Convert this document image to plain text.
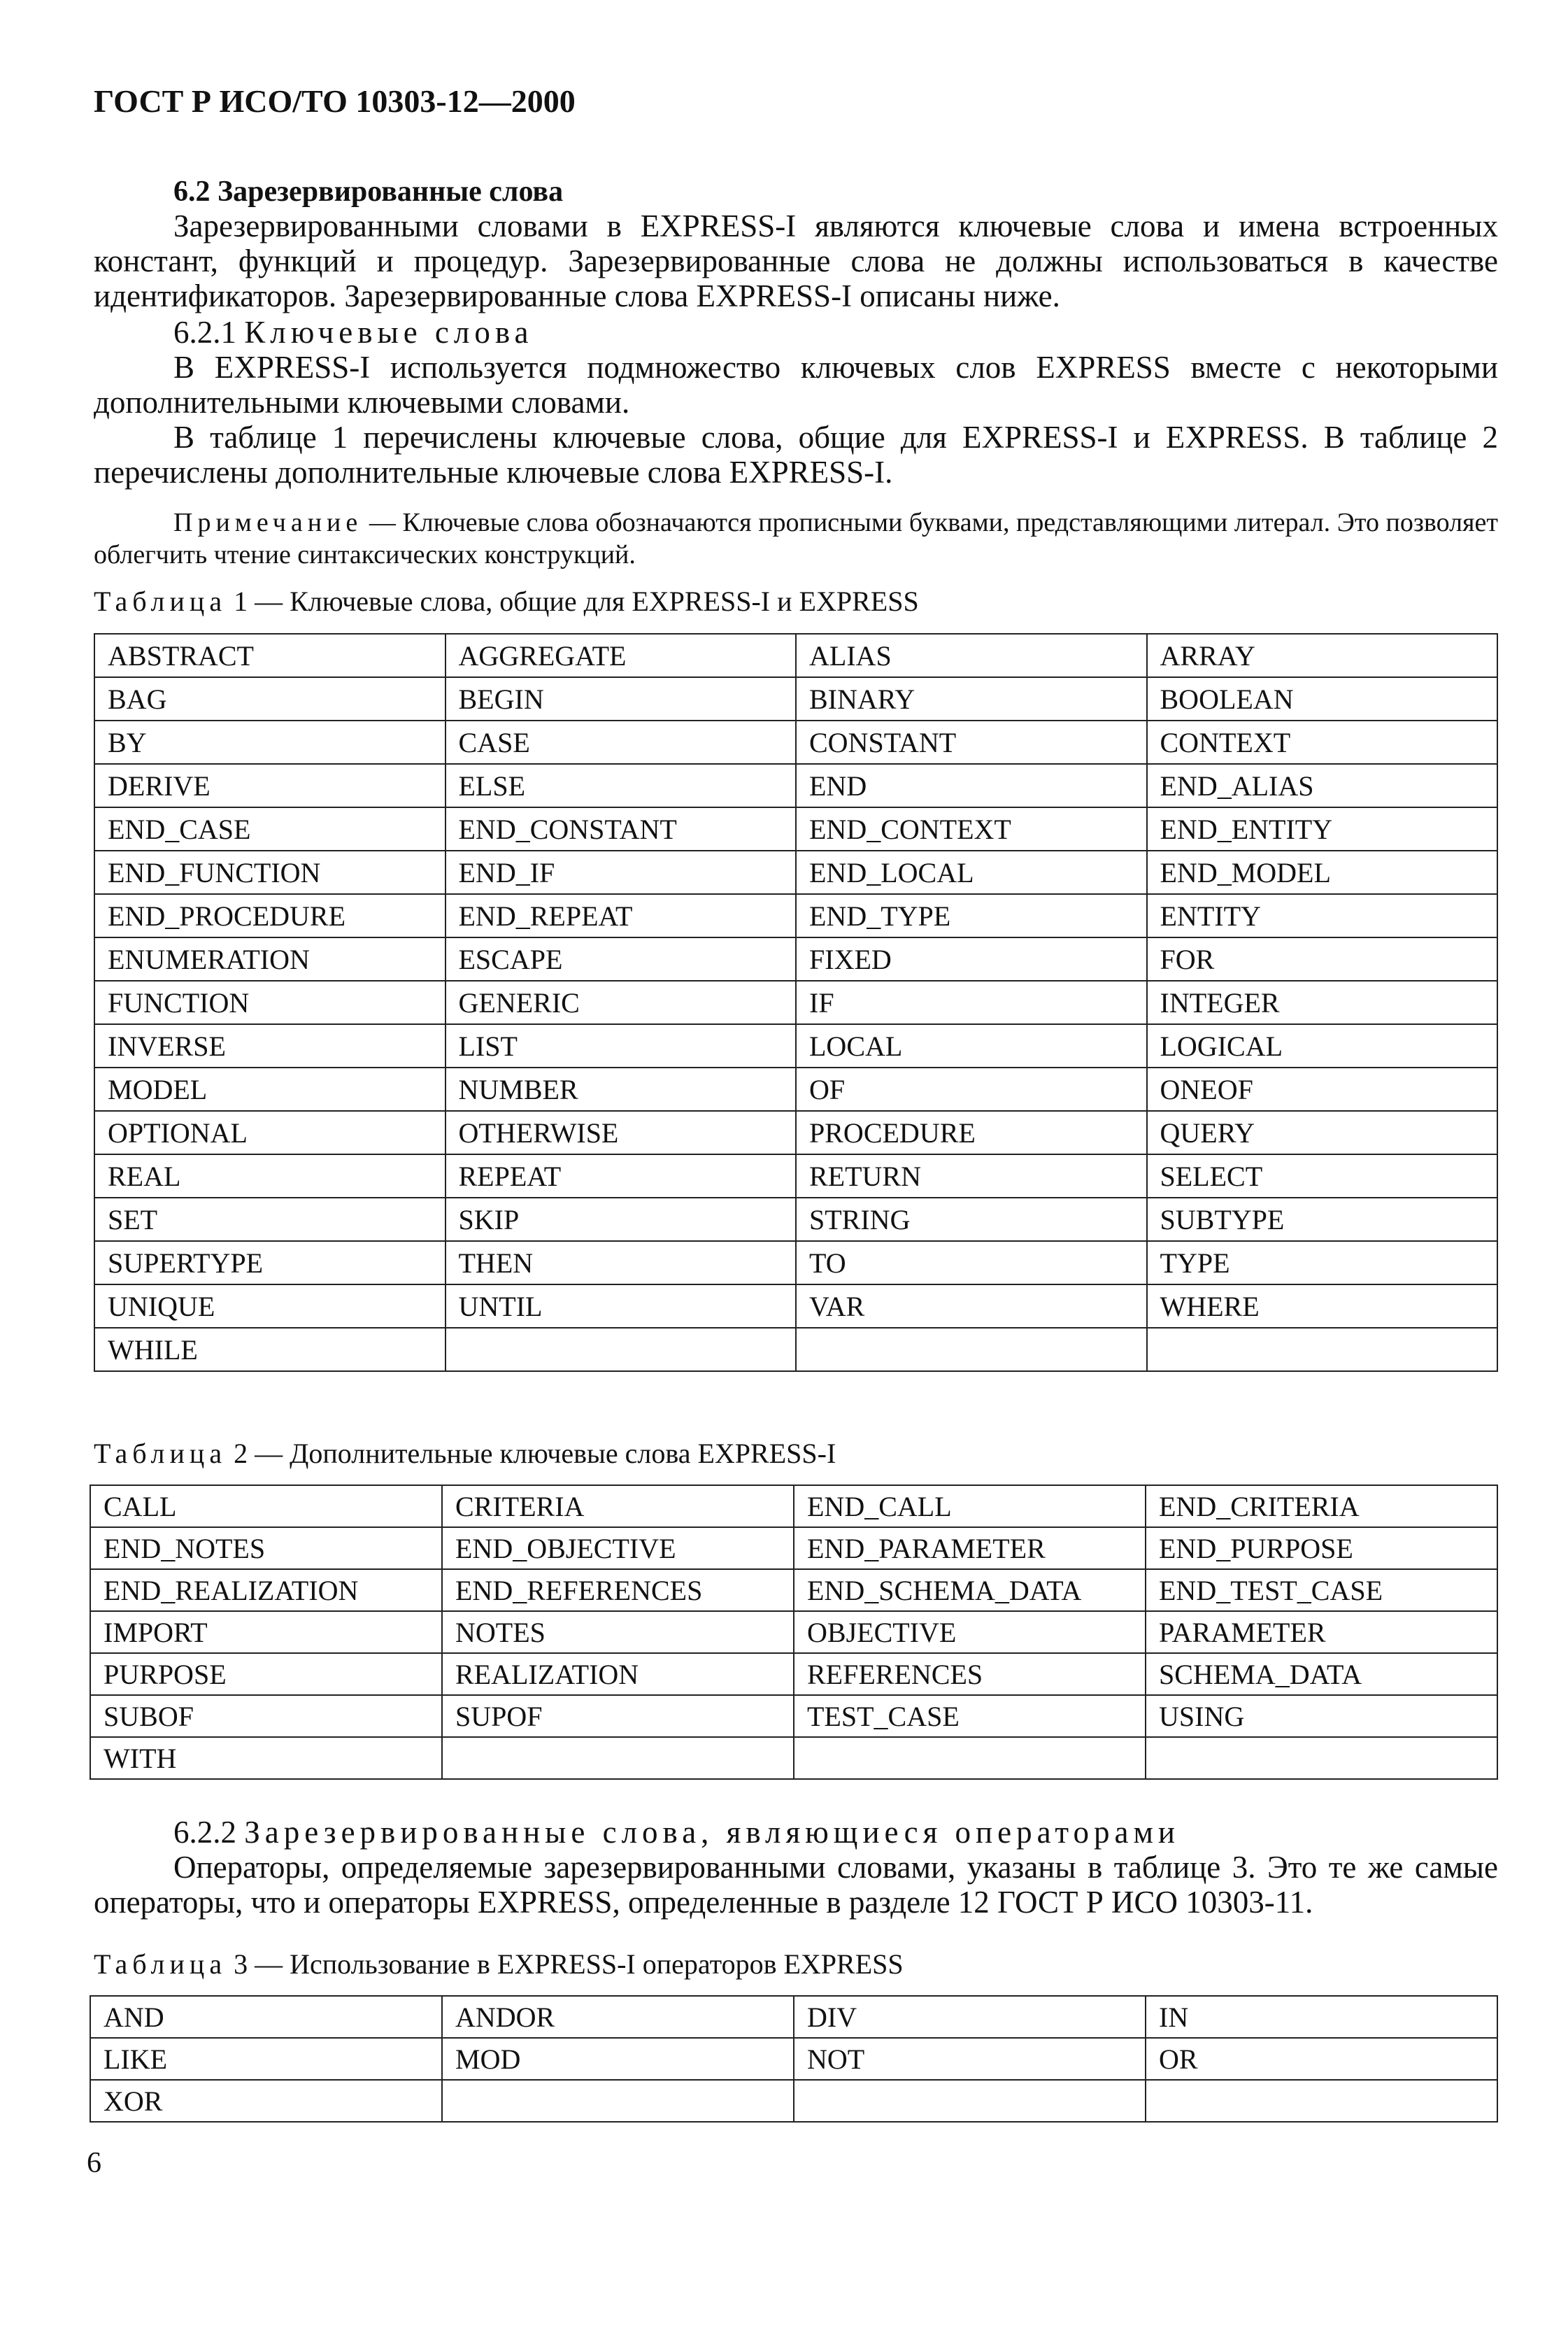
ГОСТ Р ИСО/ТО 10303-12—2000
6.2 Зарезервированные слова
Зарезервированными словами в EXPRESS-I являются ключевые слова и имена встроенных констант, функций и процедур. Зарезервированные слова не должны использоваться в качестве идентификаторов. Зарезервированные слова EXPRESS-I описаны ниже.
6.2.1 Ключевые слова
В EXPRESS-I используется подмножество ключевых слов EXPRESS вместе с некоторыми дополнительными ключевыми словами.
В таблице 1 перечислены ключевые слова, общие для EXPRESS-I и EXPRESS. В таблице 2 перечислены дополнительные ключевые слова EXPRESS-I.
Примечание — Ключевые слова обозначаются прописными буквами, представляющими литерал. Это позволяет облегчить чтение синтаксических конструкций.
Таблица 1 — Ключевые слова, общие для EXPRESS-I и EXPRESS
ABSTRACT	AGGREGATE	ALIAS	ARRAY
BAG	BEGIN	BINARY	BOOLEAN
BY	CASE	CONSTANT	CONTEXT
DERIVE	ELSE	END	END_ALIAS
END_CASE	END_CONSTANT	END_CONTEXT	END_ENTITY
END_FUNCTION	END_IF	END_LOCAL	END_MODEL
END_PROCEDURE	END_REPEAT	END_TYPE	ENTITY
ENUMERATION	ESCAPE	FIXED	FOR
FUNCTION	GENERIC	IF	INTEGER
INVERSE	LIST	LOCAL	LOGICAL
MODEL	NUMBER	OF	ONEOF
OPTIONAL	OTHERWISE	PROCEDURE	QUERY
REAL	REPEAT	RETURN	SELECT
SET	SKIP	STRING	SUBTYPE
SUPERTYPE	THEN	TO	TYPE
UNIQUE	UNTIL	VAR	WHERE
WHILE			
Таблица 2 — Дополнительные ключевые слова EXPRESS-I
CALL	CRITERIA	END_CALL	END_CRITERIA
END_NOTES	END_OBJECTIVE	END_PARAMETER	END_PURPOSE
END_REALIZATION	END_REFERENCES	END_SCHEMA_DATA	END_TEST_CASE
IMPORT	NOTES	OBJECTIVE	PARAMETER
PURPOSE	REALIZATION	REFERENCES	SCHEMA_DATA
SUBOF	SUPOF	TEST_CASE	USING
WITH			
6.2.2 Зарезервированные слова, являющиеся операторами
Операторы, определяемые зарезервированными словами, указаны в таблице 3. Это те же самые операторы, что и операторы EXPRESS, определенные в разделе 12 ГОСТ Р ИСО 10303-11.
Таблица 3 — Использование в EXPRESS-I операторов EXPRESS
AND	ANDOR	DIV	IN
LIKE	MOD	NOT	OR
XOR			
6
